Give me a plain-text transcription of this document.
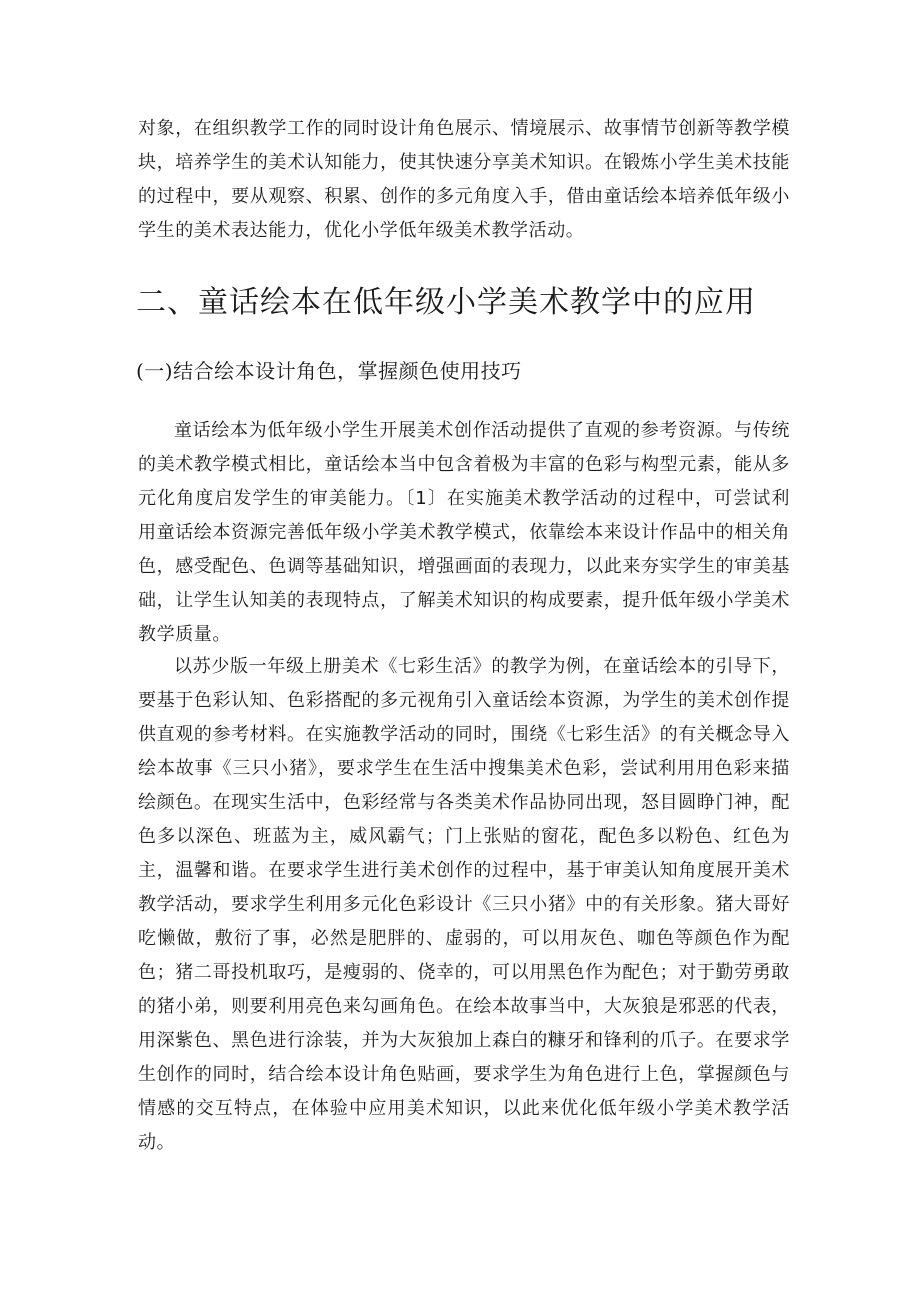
对象，在组织教学工作的同时设计角色展示、情境展示、故事情节创新等教学模块，培养学生的美术认知能力，使其快速分享美术知识。在锻炼小学生美术技能的过程中，要从观察、积累、创作的多元角度入手，借由童话绘本培养低年级小学生的美术表达能力，优化小学低年级美术教学活动。

二、童话绘本在低年级小学美术教学中的应用
(一)结合绘本设计角色，掌握颜色使用技巧

童话绘本为低年级小学生开展美术创作活动提供了直观的参考资源。与传统的美术教学模式相比，童话绘本当中包含着极为丰富的色彩与构型元素，能从多元化角度启发学生的审美能力。〔1〕在实施美术教学活动的过程中，可尝试利用童话绘本资源完善低年级小学美术教学模式，依靠绘本来设计作品中的相关角色，感受配色、色调等基础知识，增强画面的表现力，以此来夯实学生的审美基础，让学生认知美的表现特点，了解美术知识的构成要素，提升低年级小学美术教学质量。

以苏少版一年级上册美术《七彩生活》的教学为例，在童话绘本的引导下，要基于色彩认知、色彩搭配的多元视角引入童话绘本资源，为学生的美术创作提供直观的参考材料。在实施教学活动的同时，围绕《七彩生活》的有关概念导入绘本故事《三只小猪》，要求学生在生活中搜集美术色彩，尝试利用用色彩来描绘颜色。在现实生活中，色彩经常与各类美术作品协同出现，怒目圆睁门神，配色多以深色、班蓝为主，威风霸气；门上张贴的窗花，配色多以粉色、红色为主，温馨和谐。在要求学生进行美术创作的过程中，基于审美认知角度展开美术教学活动，要求学生利用多元化色彩设计《三只小猪》中的有关形象。猪大哥好吃懒做，敷衍了事，必然是肥胖的、虚弱的，可以用灰色、咖色等颜色作为配色；猪二哥投机取巧，是瘦弱的、侥幸的，可以用黑色作为配色；对于勤劳勇敢的猪小弟，则要利用亮色来勾画角色。在绘本故事当中，大灰狼是邪恶的代表，用深紫色、黑色进行涂装，并为大灰狼加上森白的糠牙和锋利的爪子。在要求学生创作的同时，结合绘本设计角色贴画，要求学生为角色进行上色，掌握颜色与情感的交互特点，在体验中应用美术知识，以此来优化低年级小学美术教学活动。
